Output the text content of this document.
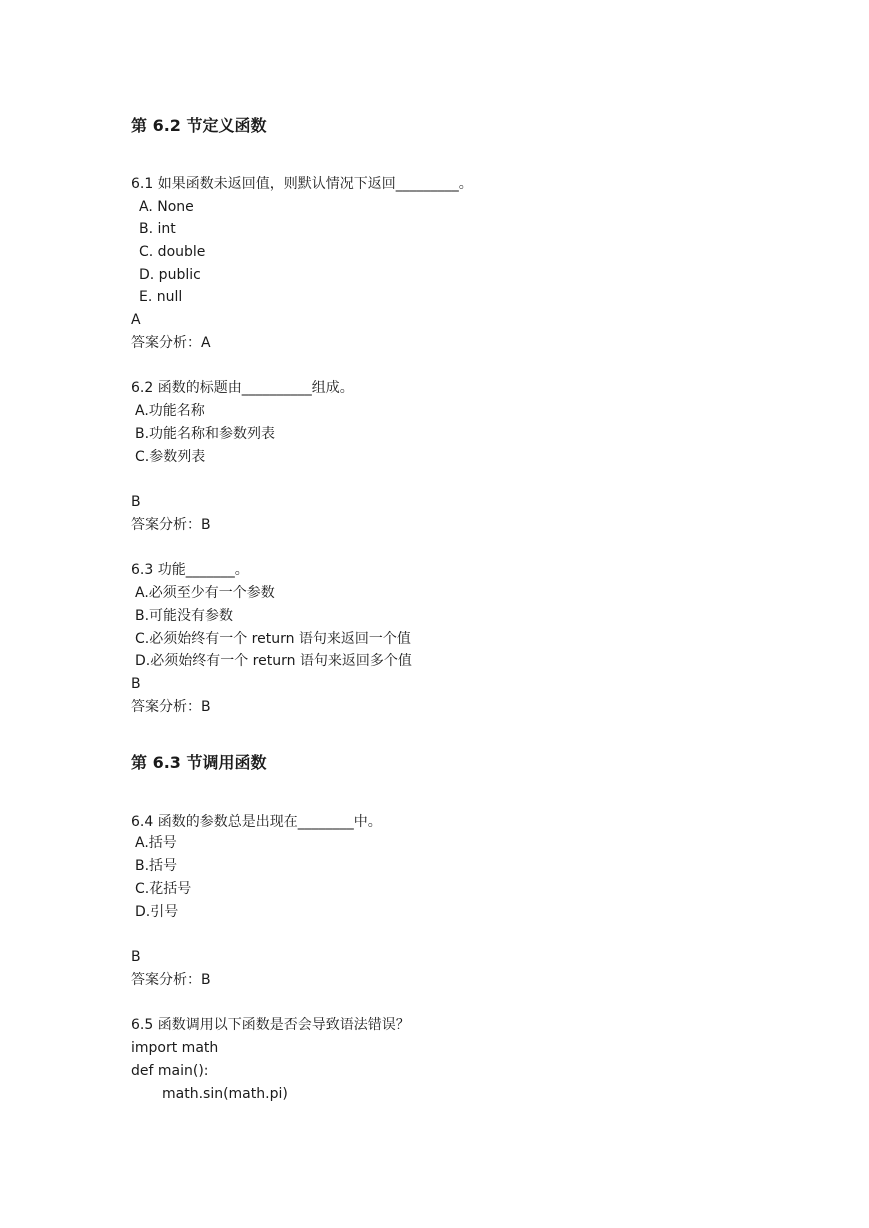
第 6.2 节定义函数
6.1 如果函数未返回值，则默认情况下返回_________。
A. None
B. int
C. double
D. public
E. null
A
答案分析：A
6.2 函数的标题由__________组成。
A.功能名称
B.功能名称和参数列表
C.参数列表
B
答案分析：B
6.3 功能_______。
A.必须至少有一个参数
B.可能没有参数
C.必须始终有一个 return 语句来返回一个值
D.必须始终有一个 return 语句来返回多个值
B
答案分析：B
第 6.3 节调用函数
6.4 函数的参数总是出现在________中。
A.括号
B.括号
C.花括号
D.引号
B
答案分析：B
6.5 函数调用以下函数是否会导致语法错误？
import math
def main():
math.sin(math.pi)
